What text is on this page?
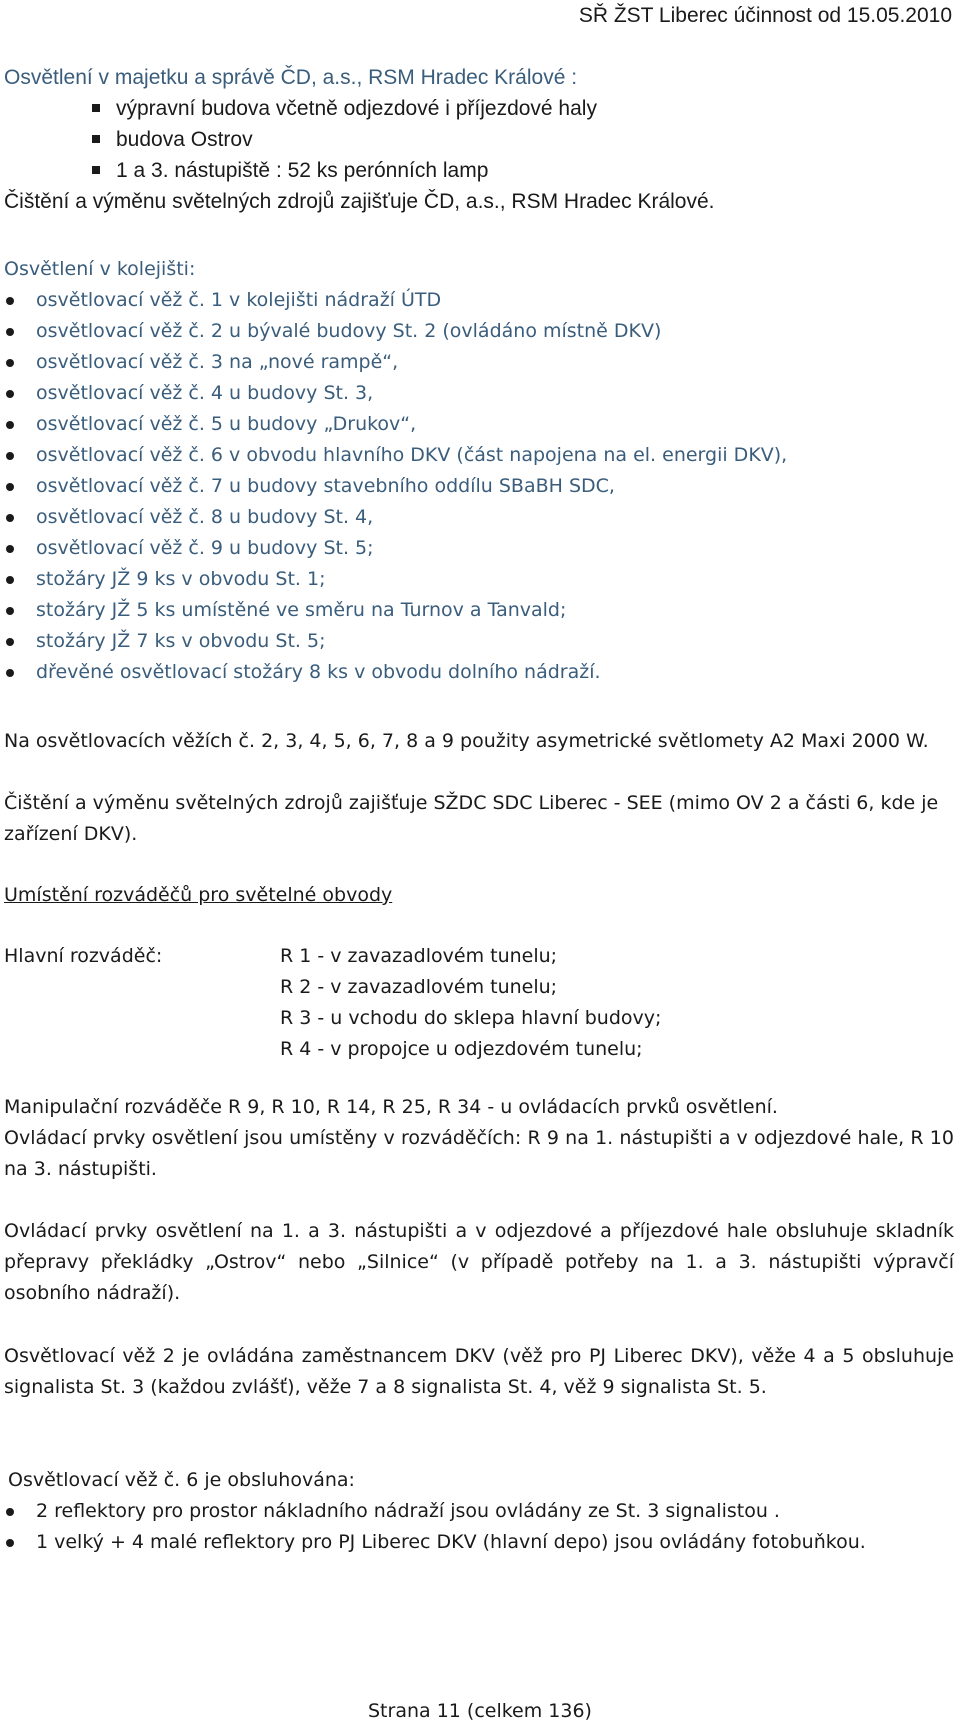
SŘ ŽST Liberec účinnost od 15.05.2010
Osvětlení v majetku a správě ČD, a.s., RSM Hradec Králové :
výpravní budova včetně odjezdové i příjezdové haly
budova Ostrov
1 a 3. nástupiště : 52 ks perónních lamp
Čištění a výměnu světelných zdrojů zajišťuje ČD, a.s., RSM Hradec Králové.
Osvětlení v kolejišti:
osvětlovací věž č. 1 v kolejišti nádraží ÚTD
osvětlovací věž č. 2 u bývalé budovy St. 2 (ovládáno místně DKV)
osvětlovací věž č. 3 na „nové rampě“,
osvětlovací věž č. 4 u budovy St. 3,
osvětlovací věž č. 5 u budovy „Drukov“,
osvětlovací věž č. 6 v obvodu hlavního DKV (část napojena na el. energii DKV),
osvětlovací věž č. 7 u budovy stavebního oddílu SBaBH SDC,
osvětlovací věž č. 8 u budovy St. 4,
osvětlovací věž č. 9 u budovy St. 5;
stožáry JŽ 9 ks v obvodu St. 1;
stožáry JŽ 5 ks umístěné ve směru na Turnov a Tanvald;
stožáry JŽ 7 ks v obvodu St. 5;
dřevěné osvětlovací stožáry 8 ks v obvodu dolního nádraží.
Na osvětlovacích věžích č. 2, 3, 4, 5, 6, 7, 8 a 9 použity asymetrické světlomety A2 Maxi 2000 W.
Čištění a výměnu světelných zdrojů zajišťuje SŽDC SDC Liberec - SEE (mimo OV 2 a části 6, kde je zařízení DKV).
Umístění rozváděčů pro světelné obvody
Hlavní rozváděč:	R 1 - v zavazadlovém tunelu;
R 2 - v zavazadlovém tunelu;
R 3 - u vchodu do sklepa hlavní budovy;
R 4 - v propojce u odjezdovém tunelu;
Manipulační rozváděče R 9, R 10, R 14, R 25, R 34 - u ovládacích prvků osvětlení.
Ovládací prvky osvětlení jsou umístěny v rozváděčích: R 9 na 1. nástupišti a v odjezdové hale, R 10 na 3. nástupišti.
Ovládací prvky osvětlení na 1. a 3. nástupišti a v odjezdové a příjezdové hale obsluhuje skladník přepravy překládky „Ostrov“ nebo „Silnice“ (v případě potřeby na 1. a 3. nástupišti výpravčí osobního nádraží).
Osvětlovací věž 2 je ovládána zaměstnancem DKV (věž pro PJ Liberec DKV), věže 4 a 5 obsluhuje signalista St. 3 (každou zvlášť), věže 7 a 8 signalista St. 4, věž 9 signalista St. 5.
Osvětlovací věž č. 6 je obsluhována:
2 reflektory pro prostor nákladního nádraží jsou ovládány ze St. 3 signalistou .
1 velký + 4 malé reflektory pro PJ Liberec DKV (hlavní depo) jsou ovládány fotobuňkou.
Strana 11 (celkem 136)
